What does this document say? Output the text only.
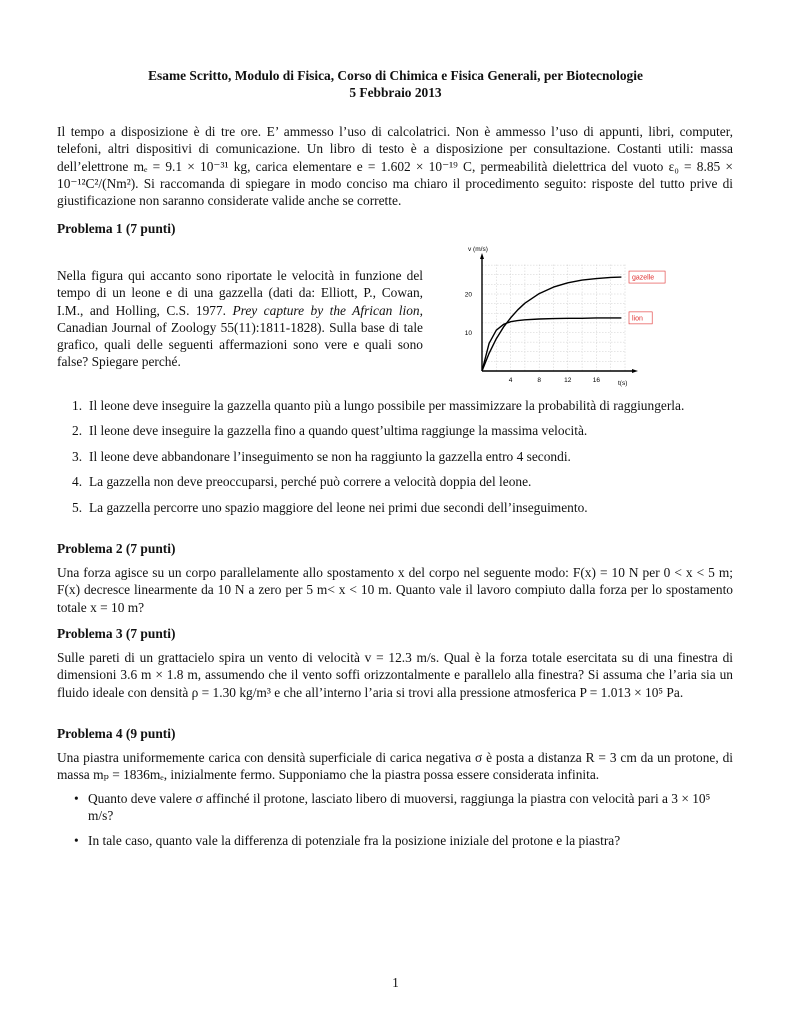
Esame Scritto, Modulo di Fisica, Corso di Chimica e Fisica Generali, per Biotecnologie
5 Febbraio 2013
Il tempo a disposizione è di tre ore. E’ ammesso l’uso di calcolatrici. Non è ammesso l’uso di appunti, libri, computer, telefoni, altri dispositivi di comunicazione. Un libro di testo è a disposizione per consultazione. Costanti utili: massa dell’elettrone mₑ = 9.1 × 10⁻³¹ kg, carica elementare e = 1.602 × 10⁻¹⁹ C, permeabilità dielettrica del vuoto ε₀ = 8.85 × 10⁻¹²C²/(Nm²). Si raccomanda di spiegare in modo conciso ma chiaro il procedimento seguito: risposte del tutto prive di giustificazione non saranno considerate valide anche se corrette.
Problema 1 (7 punti)
Nella figura qui accanto sono riportate le velocità in funzione del tempo di un leone e di una gazzella (dati da: Elliott, P., Cowan, I.M., and Holling, C.S. 1977. Prey capture by the African lion, Canadian Journal of Zoology 55(11):1811-1828). Sulla base di tale grafico, quali delle seguenti affermazioni sono vere e quali sono false? Spiegare perché.
v (m/s)
t(s)
4	8	12	16
10
20
gazelle
lion
1. Il leone deve inseguire la gazzella quanto più a lungo possibile per massimizzare la probabilità di raggiungerla.
2. Il leone deve inseguire la gazzella fino a quando quest’ultima raggiunge la massima velocità.
3. Il leone deve abbandonare l’inseguimento se non ha raggiunto la gazzella entro 4 secondi.
4. La gazzella non deve preoccuparsi, perché può correre a velocità doppia del leone.
5. La gazzella percorre uno spazio maggiore del leone nei primi due secondi dell’inseguimento.
Problema 2 (7 punti)
Una forza agisce su un corpo parallelamente allo spostamento x del corpo nel seguente modo: F(x) = 10 N per 0 < x < 5 m; F(x) decresce linearmente da 10 N a zero per 5 m< x < 10 m. Quanto vale il lavoro compiuto dalla forza per lo spostamento totale x = 10 m?
Problema 3 (7 punti)
Sulle pareti di un grattacielo spira un vento di velocità v = 12.3 m/s. Qual è la forza totale esercitata su di una finestra di dimensioni 3.6 m × 1.8 m, assumendo che il vento soffi orizzontalmente e parallelo alla finestra? Si assuma che l’aria sia un fluido ideale con densità ρ = 1.30 kg/m³ e che all’interno l’aria si trovi alla pressione atmosferica P = 1.013 × 10⁵ Pa.
Problema 4 (9 punti)
Una piastra uniformemente carica con densità superficiale di carica negativa σ è posta a distanza R = 3 cm da un protone, di massa mₚ = 1836mₑ, inizialmente fermo. Supponiamo che la piastra possa essere considerata infinita.
• Quanto deve valere σ affinché il protone, lasciato libero di muoversi, raggiunga la piastra con velocità pari a 3 × 10⁵ m/s?
• In tale caso, quanto vale la differenza di potenziale fra la posizione iniziale del protone e la piastra?
1
